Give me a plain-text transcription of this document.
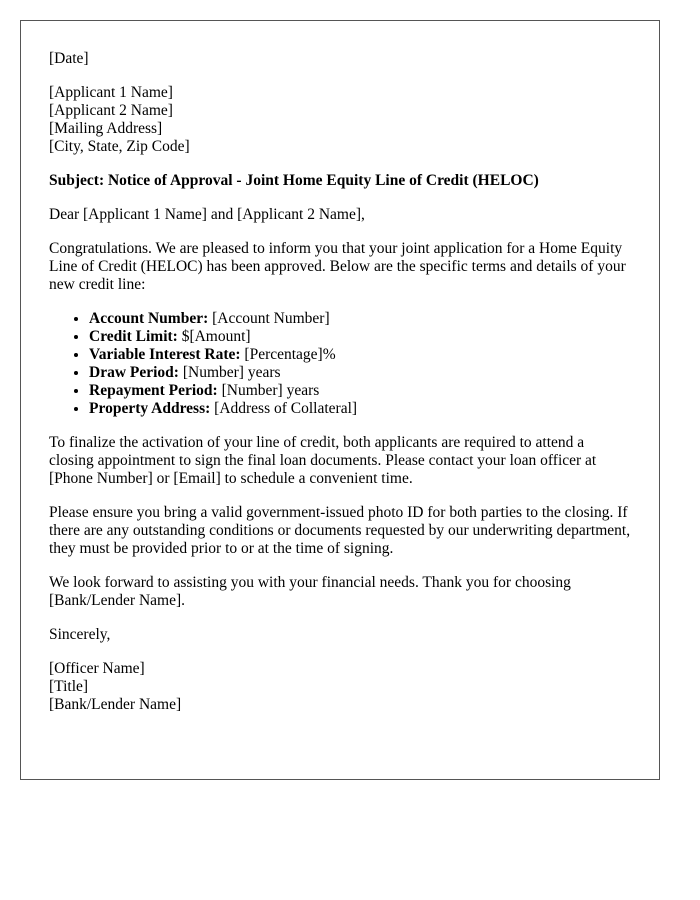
[Date]
[Applicant 1 Name]
[Applicant 2 Name]
[Mailing Address]
[City, State, Zip Code]
Subject: Notice of Approval - Joint Home Equity Line of Credit (HELOC)
Dear [Applicant 1 Name] and [Applicant 2 Name],
Congratulations. We are pleased to inform you that your joint application for a Home Equity Line of Credit (HELOC) has been approved. Below are the specific terms and details of your new credit line:
• Account Number: [Account Number]
• Credit Limit: $[Amount]
• Variable Interest Rate: [Percentage]%
• Draw Period: [Number] years
• Repayment Period: [Number] years
• Property Address: [Address of Collateral]
To finalize the activation of your line of credit, both applicants are required to attend a closing appointment to sign the final loan documents. Please contact your loan officer at [Phone Number] or [Email] to schedule a convenient time.
Please ensure you bring a valid government-issued photo ID for both parties to the closing. If there are any outstanding conditions or documents requested by our underwriting department, they must be provided prior to or at the time of signing.
We look forward to assisting you with your financial needs. Thank you for choosing [Bank/Lender Name].
Sincerely,
[Officer Name]
[Title]
[Bank/Lender Name]
